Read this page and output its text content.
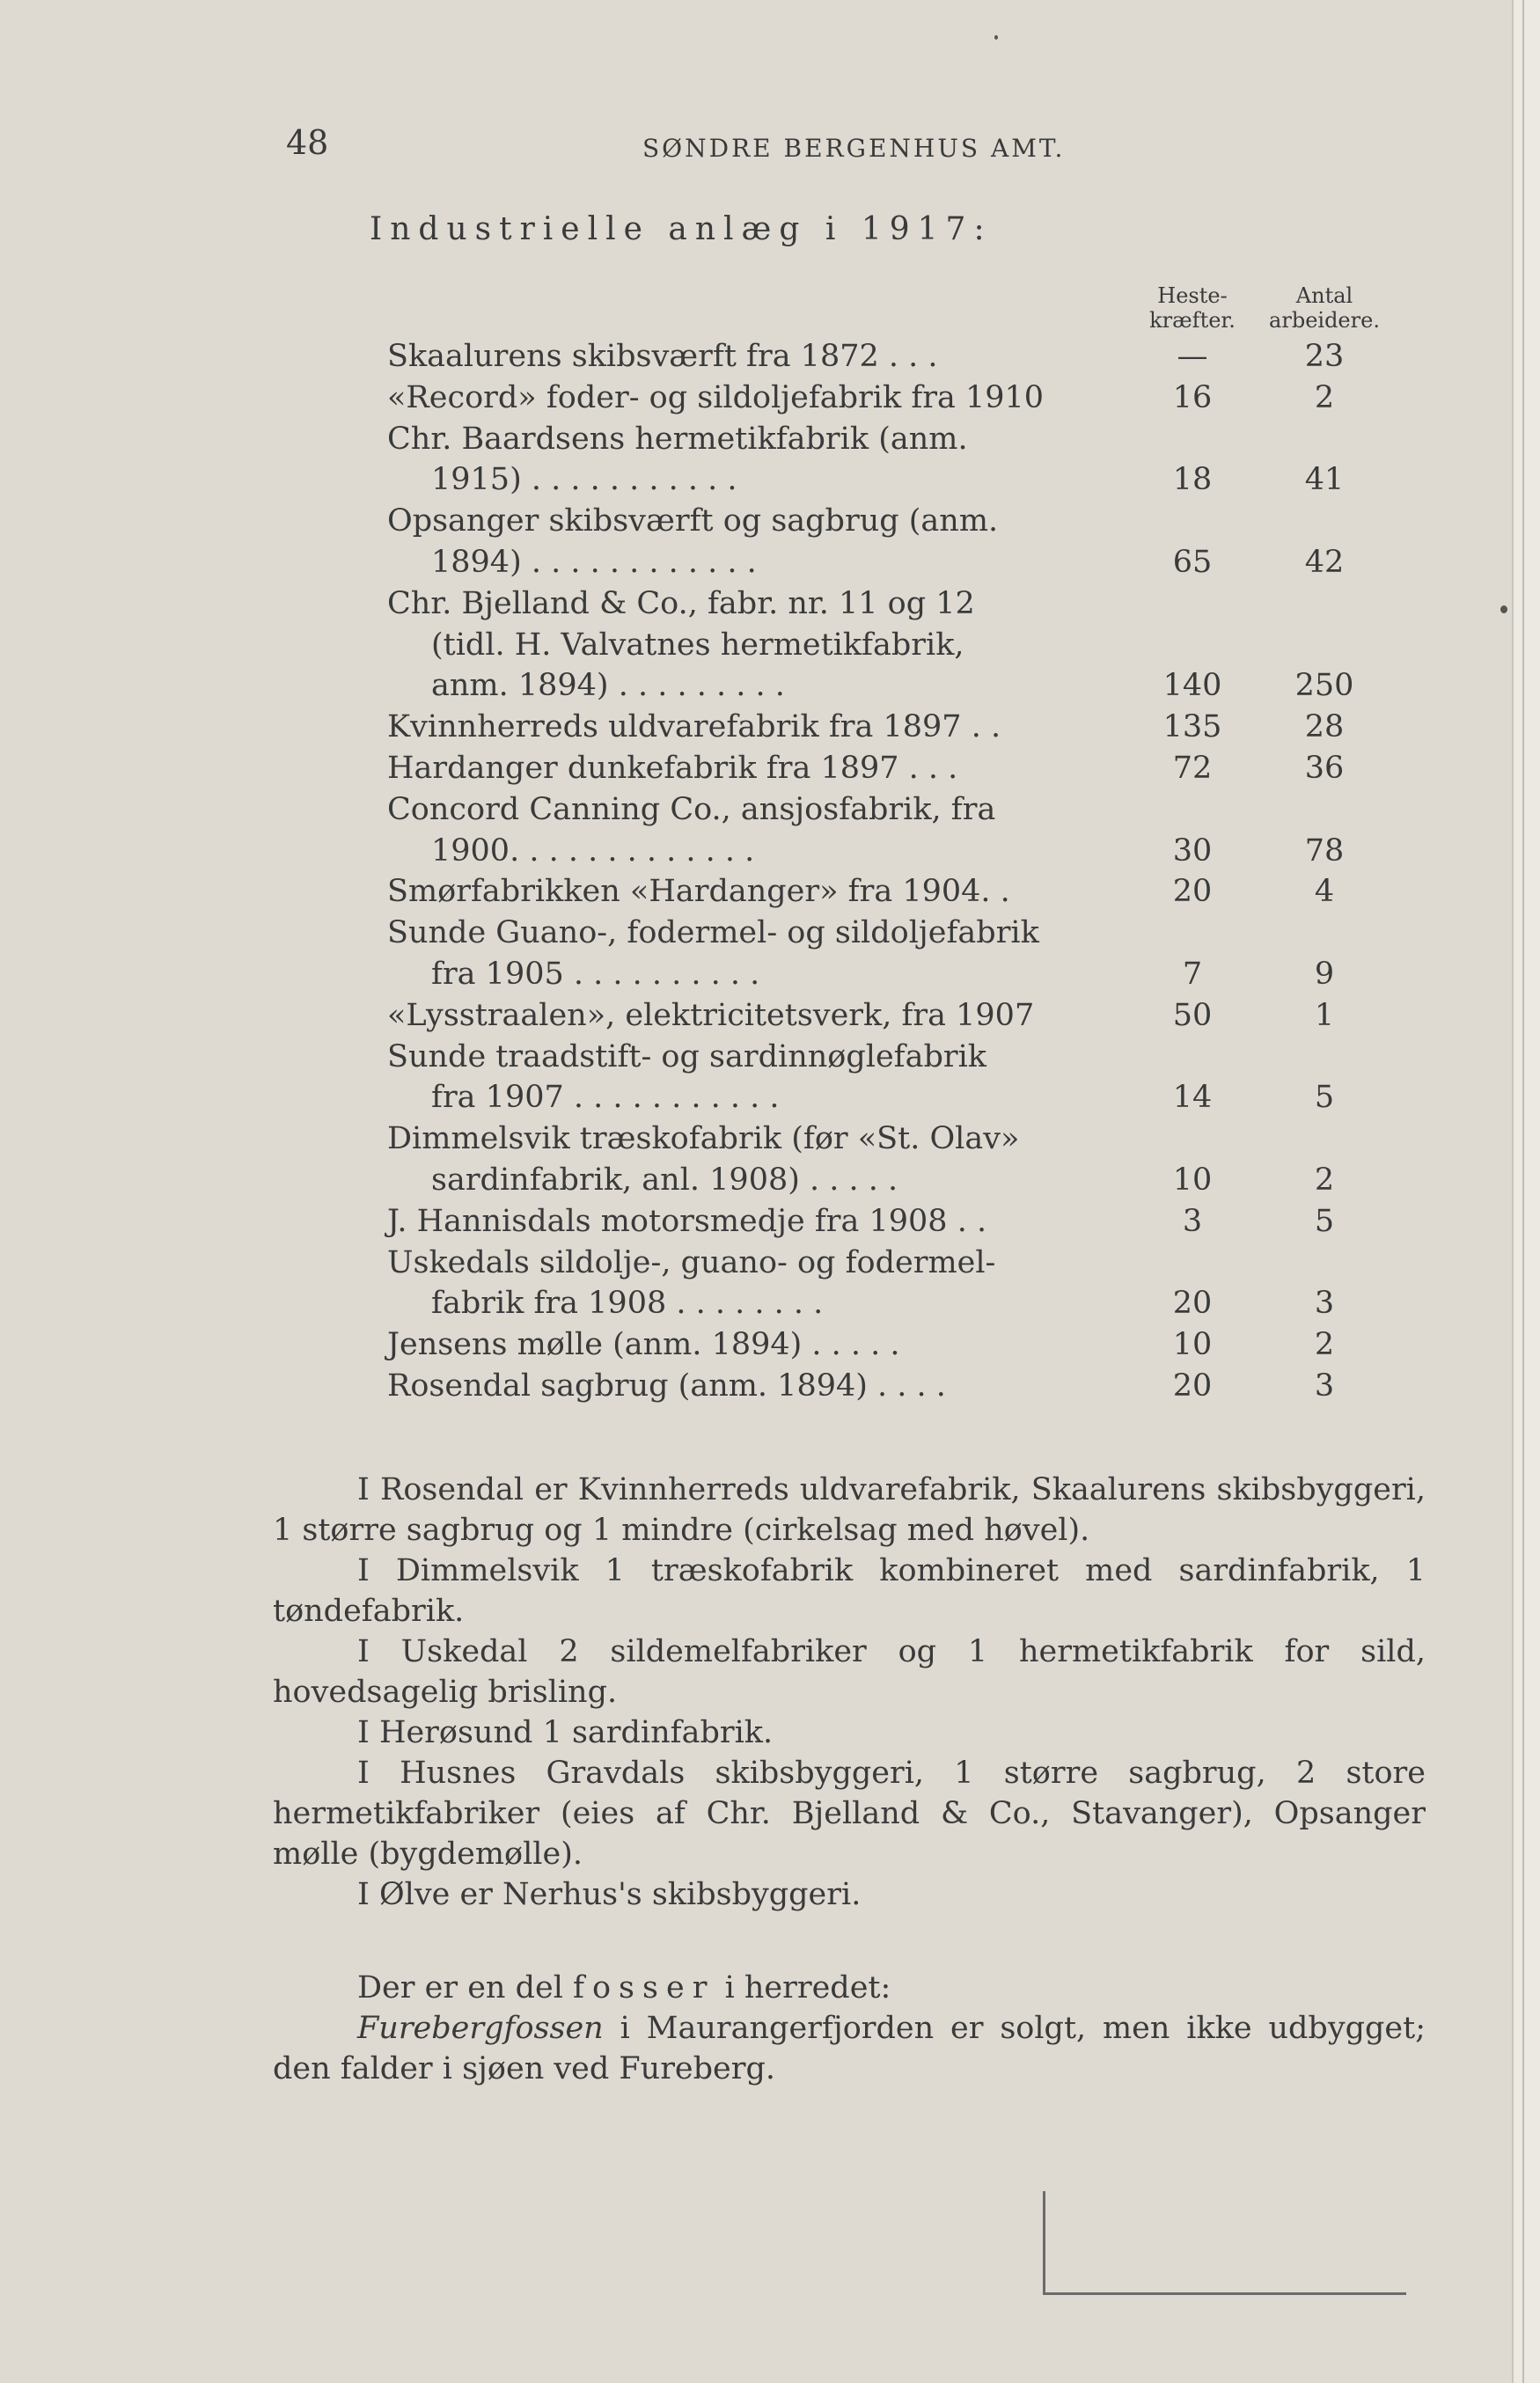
48	SØNDRE BERGENHUS AMT.
Industrielle anlæg i 1917:
Heste-
kræfter.
Antal
arbeidere.
Skaalurens skibsværft fra 1872 . . .	—	23
«Record» foder- og sildoljefabrik fra 1910	16	2
Chr. Baardsens hermetikfabrik (anm.
1915) . . . . . . . . . . .	18	41
Opsanger skibsværft og sagbrug (anm.
1894) . . . . . . . . . . . .	65	42
Chr. Bjelland & Co., fabr. nr. 11 og 12
(tidl. H. Valvatnes hermetikfabrik,
anm. 1894) . . . . . . . . .	140	250
Kvinnherreds uldvarefabrik fra 1897 . .	135	28
Hardanger dunkefabrik fra 1897 . . .	72	36
Concord Canning Co., ansjosfabrik, fra
1900. . . . . . . . . . . . .	30	78
Smørfabrikken «Hardanger» fra 1904. .	20	4
Sunde Guano-, fodermel- og sildoljefabrik
fra 1905 . . . . . . . . . .	7	9
«Lysstraalen», elektricitetsverk, fra 1907	50	1
Sunde traadstift- og sardinnøglefabrik
fra 1907 . . . . . . . . . . .	14	5
Dimmelsvik træskofabrik (før «St. Olav»
sardinfabrik, anl. 1908) . . . . .	10	2
J. Hannisdals motorsmedje fra 1908 . .	3	5
Uskedals sildolje-, guano- og fodermel-
fabrik fra 1908 . . . . . . . .	20	3
Jensens mølle (anm. 1894) . . . . .	10	2
Rosendal sagbrug (anm. 1894) . . . .	20	3
I Rosendal er Kvinnherreds uldvarefabrik, Skaalurens skibsbyggeri, 1 større sagbrug og 1 mindre (cirkelsag med høvel).
I Dimmelsvik 1 træskofabrik kombineret med sardinfabrik, 1 tøndefabrik.
I Uskedal 2 sildemelfabriker og 1 hermetikfabrik for sild, hovedsagelig brisling.
I Herøsund 1 sardinfabrik.
I Husnes Gravdals skibsbyggeri, 1 større sagbrug, 2 store hermetikfabriker (eies af Chr. Bjelland & Co., Stavanger), Opsanger mølle (bygdemølle).
I Ølve er Nerhus's skibsbyggeri.
Der er en del fosser i herredet:
Furebergfossen i Maurangerfjorden er solgt, men ikke udbygget; den falder i sjøen ved Fureberg.
